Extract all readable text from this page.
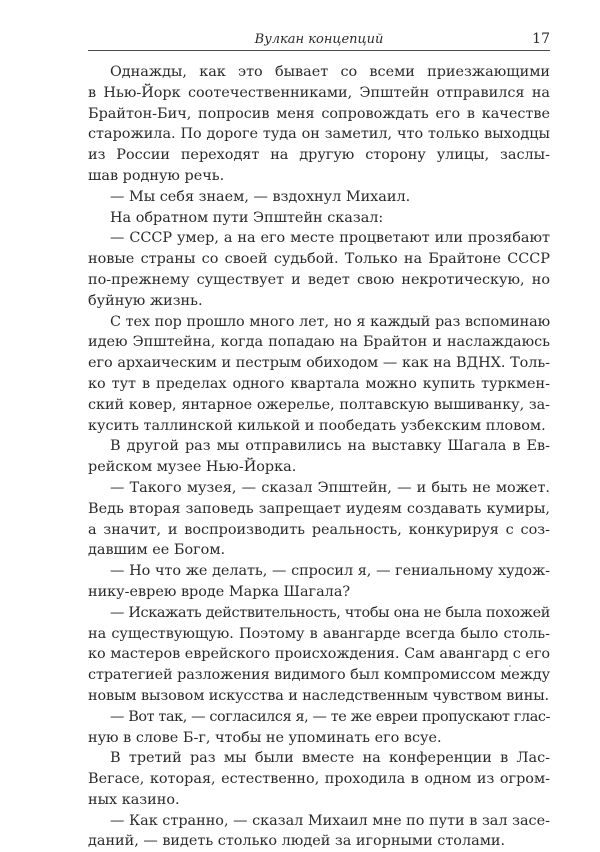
Вулкан концепций	17
Однажды, как это бывает со всеми приезжающими
в Нью-Йорк соотечественниками, Эпштейн отправился на
Брайтон-Бич, попросив меня сопровождать его в качестве
старожила. По дороге туда он заметил, что только выходцы
из России переходят на другую сторону улицы, заслы-
шав родную речь.
— Мы себя знаем, — вздохнул Михаил.
На обратном пути Эпштейн сказал:
— СССР умер, а на его месте процветают или прозябают
новые страны со своей судьбой. Только на Брайтоне СССР
по-прежнему существует и ведет свою некротическую, но
буйную жизнь.
С тех пор прошло много лет, но я каждый раз вспоминаю
идею Эпштейна, когда попадаю на Брайтон и наслаждаюсь
его архаическим и пестрым обиходом — как на ВДНХ. Толь-
ко тут в пределах одного квартала можно купить туркмен-
ский ковер, янтарное ожерелье, полтавскую вышиванку, за-
кусить таллинской килькой и пообедать узбекским пловом.
В другой раз мы отправились на выставку Шагала в Ев-
рейском музее Нью-Йорка.
— Такого музея, — сказал Эпштейн, — и быть не может.
Ведь вторая заповедь запрещает иудеям создавать кумиры,
а значит, и воспроизводить реальность, конкурируя с соз-
давшим ее Богом.
— Но что же делать, — спросил я, — гениальному худож-
нику-еврею вроде Марка Шагала?
— Искажать действительность, чтобы она не была похожей
на существующую. Поэтому в авангарде всегда было столь-
ко мастеров еврейского происхождения. Сам авангард с его
стратегией разложения видимого был компромиссом между
новым вызовом искусства и наследственным чувством вины.
— Вот так, — согласился я, — те же евреи пропускают глас-
ную в слове Б-г, чтобы не упоминать его всуе.
В третий раз мы были вместе на конференции в Лас-
Вегасе, которая, естественно, проходила в одном из огром-
ных казино.
— Как странно, — сказал Михаил мне по пути в зал засе-
даний, — видеть столько людей за игорными столами.
